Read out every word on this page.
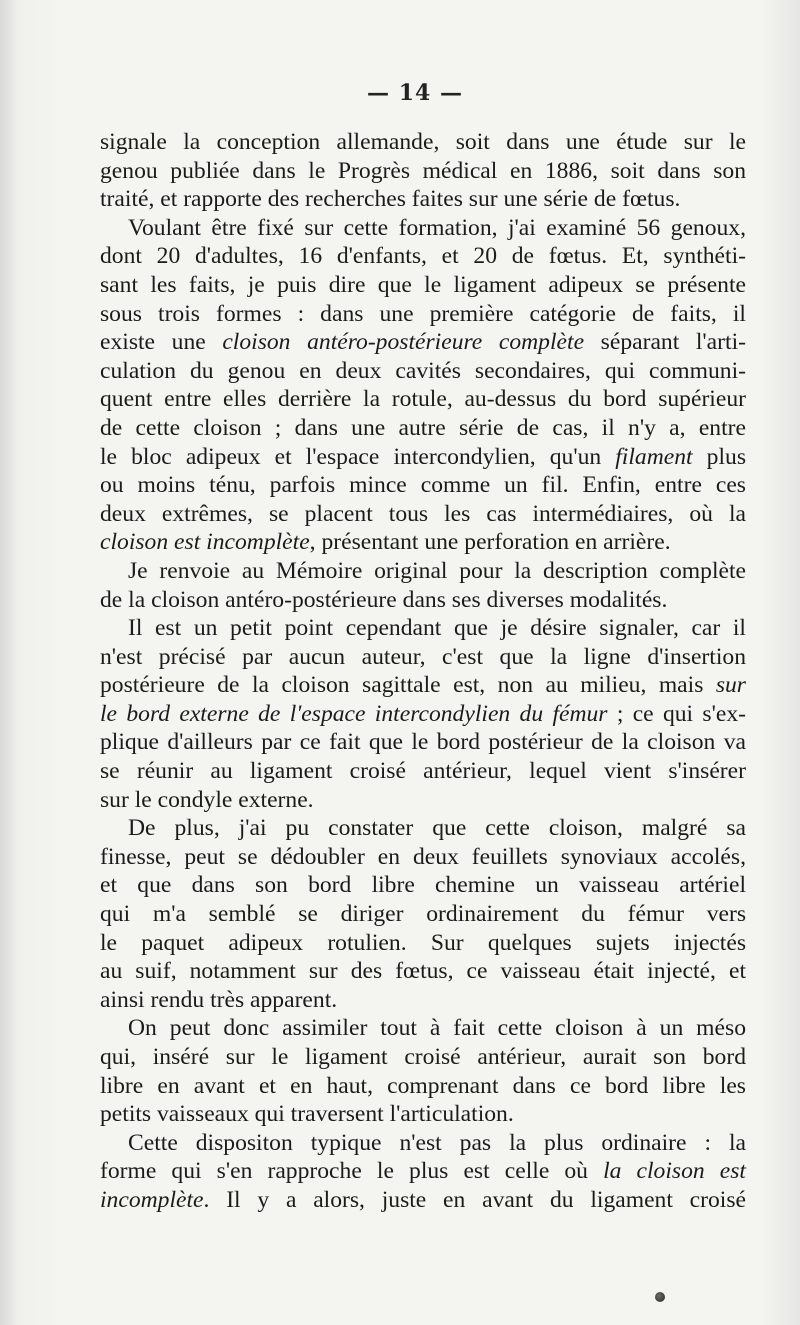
— 14 —
signale la conception allemande, soit dans une étude sur le
genou publiée dans le Progrès médical en 1886, soit dans son
traité, et rapporte des recherches faites sur une série de fœtus.
Voulant être fixé sur cette formation, j'ai examiné 56 genoux,
dont 20 d'adultes, 16 d'enfants, et 20 de fœtus. Et, synthéti-
sant les faits, je puis dire que le ligament adipeux se présente
sous trois formes : dans une première catégorie de faits, il
existe une cloison antéro-postérieure complète séparant l'arti-
culation du genou en deux cavités secondaires, qui communi-
quent entre elles derrière la rotule, au-dessus du bord supérieur
de cette cloison ; dans une autre série de cas, il n'y a, entre
le bloc adipeux et l'espace intercondylien, qu'un filament plus
ou moins ténu, parfois mince comme un fil. Enfin, entre ces
deux extrêmes, se placent tous les cas intermédiaires, où la
cloison est incomplète, présentant une perforation en arrière.
Je renvoie au Mémoire original pour la description complète
de la cloison antéro-postérieure dans ses diverses modalités.
Il est un petit point cependant que je désire signaler, car il
n'est précisé par aucun auteur, c'est que la ligne d'insertion
postérieure de la cloison sagittale est, non au milieu, mais sur
le bord externe de l'espace intercondylien du fémur ; ce qui s'ex-
plique d'ailleurs par ce fait que le bord postérieur de la cloison va
se réunir au ligament croisé antérieur, lequel vient s'insérer
sur le condyle externe.
De plus, j'ai pu constater que cette cloison, malgré sa
finesse, peut se dédoubler en deux feuillets synoviaux accolés,
et que dans son bord libre chemine un vaisseau artériel
qui m'a semblé se diriger ordinairement du fémur vers
le paquet adipeux rotulien. Sur quelques sujets injectés
au suif, notamment sur des fœtus, ce vaisseau était injecté, et
ainsi rendu très apparent.
On peut donc assimiler tout à fait cette cloison à un méso
qui, inséré sur le ligament croisé antérieur, aurait son bord
libre en avant et en haut, comprenant dans ce bord libre les
petits vaisseaux qui traversent l'articulation.
Cette dispositon typique n'est pas la plus ordinaire : la
forme qui s'en rapproche le plus est celle où la cloison est
incomplète. Il y a alors, juste en avant du ligament croisé
